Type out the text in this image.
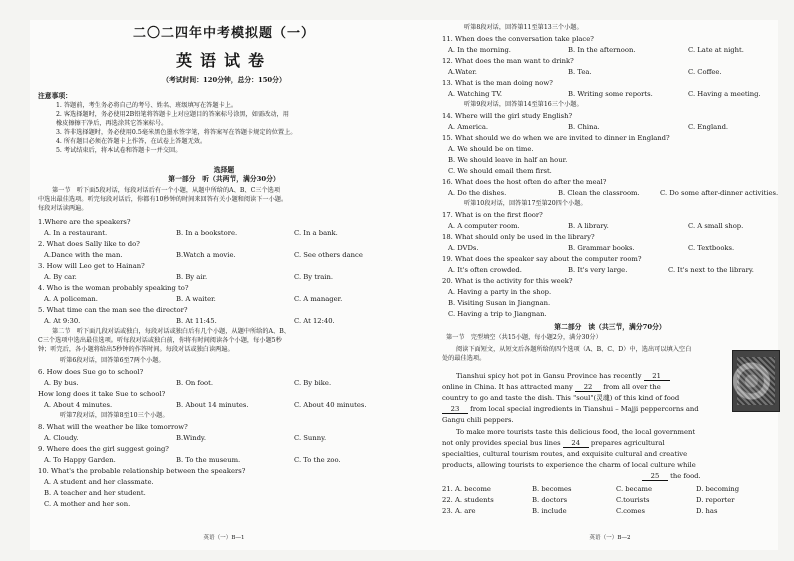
二〇二四年中考模拟题（一）
英语试卷
（考试时间：120分钟，总分：150分）
注意事项：
1. 答题前，考生务必将自己的考号、姓名、班级填写在答题卡上。
2. 客选择题时，务必使用2B铅笔将答题卡上对应题目的答案标号涂黑，如需改动，用
橡皮擦擦干净后，再选涂其它答案标号。
3. 答非选择题时，务必使用0.5毫米黑色墨水签字笔，将答案写在答题卡规定的位置上。
4. 所有题目必须在答题卡上作答，在试卷上答题无效。
5. 考试结束后，将本试卷和答题卡一并交回。
选择题
第一部分　听（共两节，满分30分）
第一节　听下面5段对话，每段对话后有一个小题，从题中所给的A、B、C三个选项
中选出最佳选项。听完每段对话后，你都有10秒钟的时间来回答有关小题和阅读下一小题。
每段对话读两遍。
1.Where are the speakers?
A. In a restaurant.	B. In a bookstore.	C. In a bank.
2. What does Sally like to do?
A.Dance with the man.	B.Watch a movie.	C. See others dance
3. How will Leo get to Hainan?
A. By car.	B. By air.	C. By train.
4. Who is the woman probably speaking to?
A. A policeman.	B. A waiter.	C. A manager.
5. What time can the man see the director?
A. At 9:30.	B. At 11:45.	C. At 12:40.
第二节　听下面几段对话或独白，每段对话或独白后有几个小题，从题中所给的A、B、
C三个选项中选出最佳选项。听每段对话或独白前，你将有时间阅读各个小题，每小题5秒
钟；听完后，各小题将给出5秒钟的作答时间。每段对话或独白读两遍。
听第6段对话，回答第6至7两个小题。
6. How does Sue go to school?
A. By bus.	B. On foot.	C. By bike.
How long does it take Sue to school?
A. About 4 minutes.	B. About 14 minutes.	C. About 40 minutes.
听第7段对话，回答第8至10三个小题。
8. What will the weather be like tomorrow?
A. Cloudy.	B.Windy.	C. Sunny.
9. Where does the girl suggest going?
A. To Happy Garden.	B. To the museum.	C. To the zoo.
10. What's the probable relationship between the speakers?
A. A student and her classmate.
B. A teacher and her student.
C. A mother and her son.
英语（一）B—1
听第8段对话，回答第11至第13三个小题。
11. When does the conversation take place?
A. In the morning.	B. In the afternoon.	C. Late at night.
12. What does the man want to drink?
A.Water.	B. Tea.	C. Coffee.
13. What is the man doing now?
A. Watching TV.	B. Writing some reports.	C. Having a meeting.
听第9段对话，回答第14至第16三个小题。
14. Where will the girl study English?
A. America.	B. China.	C. England.
15. What should we do when we are invited to dinner in England?
A. We should be on time.
B. We should leave in half an hour.
C. We should email them first.
16. What does the host often do after the meal?
A. Do the dishes.	B. Clean the classroom.	C. Do some after-dinner activities.
听第10段对话，回答第17至第20四个小题。
17. What is on the first floor?
A. A computer room.	B. A library.	C. A small shop.
18. What should only be used in the library?
A. DVDs.	B. Grammar books.	C. Textbooks.
19. What does the speaker say about the computer room?
A. It's often crowded.	B. It's very large.	C. It's next to the library.
20. What is the activity for this week?
A. Having a party in the shop.
B. Visiting Susan in Jiangnan.
C. Having a trip to Jiangnan.
第二部分　读（共三节，满分70分）
第一节　完型填空（共15小题，每小题2分，满分30分）
阅读下面短文，从短文后各题所给的四个选项（A、B、C、D）中，选出可以填入空白
处的最佳选项。
Tianshui spicy hot pot in Gansu Province has recently 21
online in China. It has attracted many 22 from all over the
country to go and taste the dish. This "soul"(灵魂) of this kind of food
23 from local special ingredients in Tianshui – Majji peppercorns and
Gangu chili peppers.
To make more tourists taste this delicious food, the local government
not only provides special bus lines 24 prepares agricultural
specialties, cultural tourism routes, and exquisite cultural and creative
products, allowing tourists to experience the charm of local culture while
25 the food.
21. A. become	B. becomes	C. became	D. becoming
22. A. students	B. doctors	C.tourists	D. reporter
23. A. are	B. include	C.comes	D. has
英语（一）B—2
